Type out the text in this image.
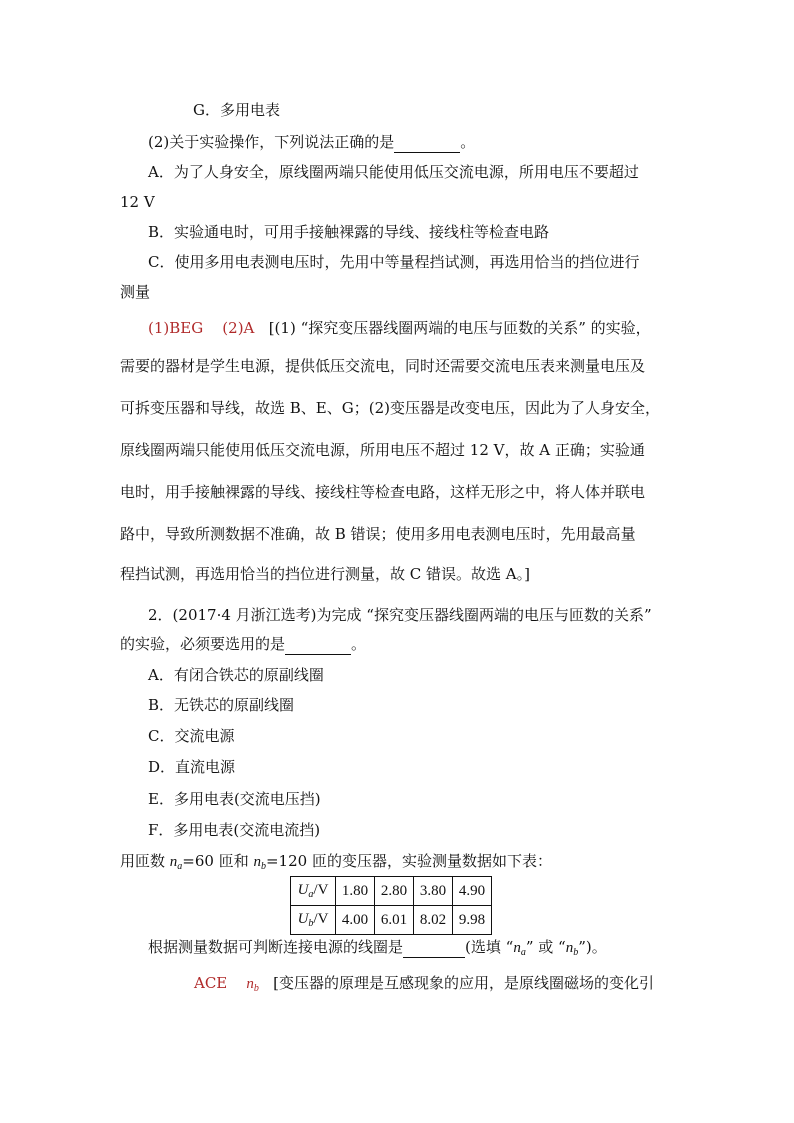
G．多用电表
(2)关于实验操作，下列说法正确的是	。
A．为了人身安全，原线圈两端只能使用低压交流电源，所用电压不要超过
12 V
B．实验通电时，可用手接触裸露的导线、接线柱等检查电路
C．使用多用电表测电压时，先用中等量程挡试测，再选用恰当的挡位进行
测量
(1)BEG (2)A [(1) “探究变压器线圈两端的电压与匝数的关系” 的实验，
需要的器材是学生电源，提供低压交流电，同时还需要交流电压表来测量电压及
可拆变压器和导线，故选 B、E、G；(2)变压器是改变电压，因此为了人身安全，
原线圈两端只能使用低压交流电源，所用电压不超过 12 V，故 A 正确；实验通
电时，用手接触裸露的导线、接线柱等检查电路，这样无形之中，将人体并联电
路中，导致所测数据不准确，故 B 错误；使用多用电表测电压时，先用最高量
程挡试测，再选用恰当的挡位进行测量，故 C 错误。故选 A。]
2．(2017·4 月浙江选考)为完成 “探究变压器线圈两端的电压与匝数的关系”
的实验，必须要选用的是	。
A．有闭合铁芯的原副线圈
B．无铁芯的原副线圈
C．交流电源
D．直流电源
E．多用电表(交流电压挡)
F．多用电表(交流电流挡)
用匝数 $n_a=60$ 匝和 $n_b=120$ 匝的变压器，实验测量数据如下表：
$U_a/V$	1.80	2.80	3.80	4.90
$U_b/V$	4.00	6.01	8.02	9.98
根据测量数据可判断连接电源的线圈是	(选填 “$n_a$” 或 “$n_b$”)。
ACE $n_b$ [变压器的原理是互感现象的应用，是原线圈磁场的变化引
